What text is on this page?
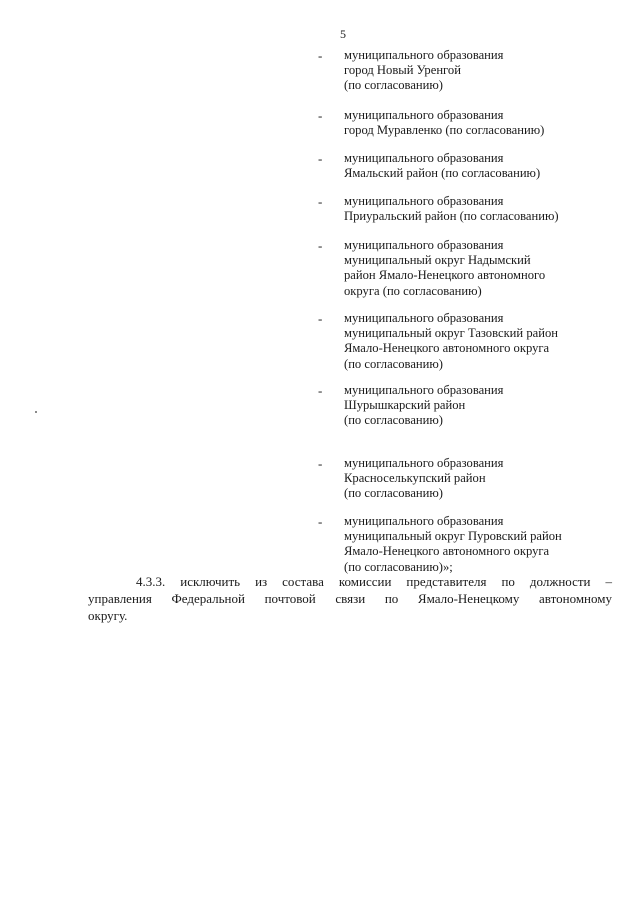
5
-	муниципального образования
город Новый Уренгой
(по согласованию)
-	муниципального образования
город Муравленко (по согласованию)
-	муниципального образования
Ямальский район (по согласованию)
-	муниципального образования
Приуральский район (по согласованию)
-	муниципального образования
муниципальный округ Надымский
район Ямало-Ненецкого автономного
округа (по согласованию)
-	муниципального образования
муниципальный округ Тазовский район
Ямало-Ненецкого автономного округа
(по согласованию)
-	муниципального образования
Шурышкарский район
(по согласованию)
-	муниципального образования
Красноселькупский район
(по согласованию)
-	муниципального образования
муниципальный округ Пуровский район
Ямало-Ненецкого автономного округа
(по согласованию)»;
4.3.3. исключить из состава комиссии представителя по должности –
управления Федеральной почтовой связи по Ямало-Ненецкому автономному
округу.
